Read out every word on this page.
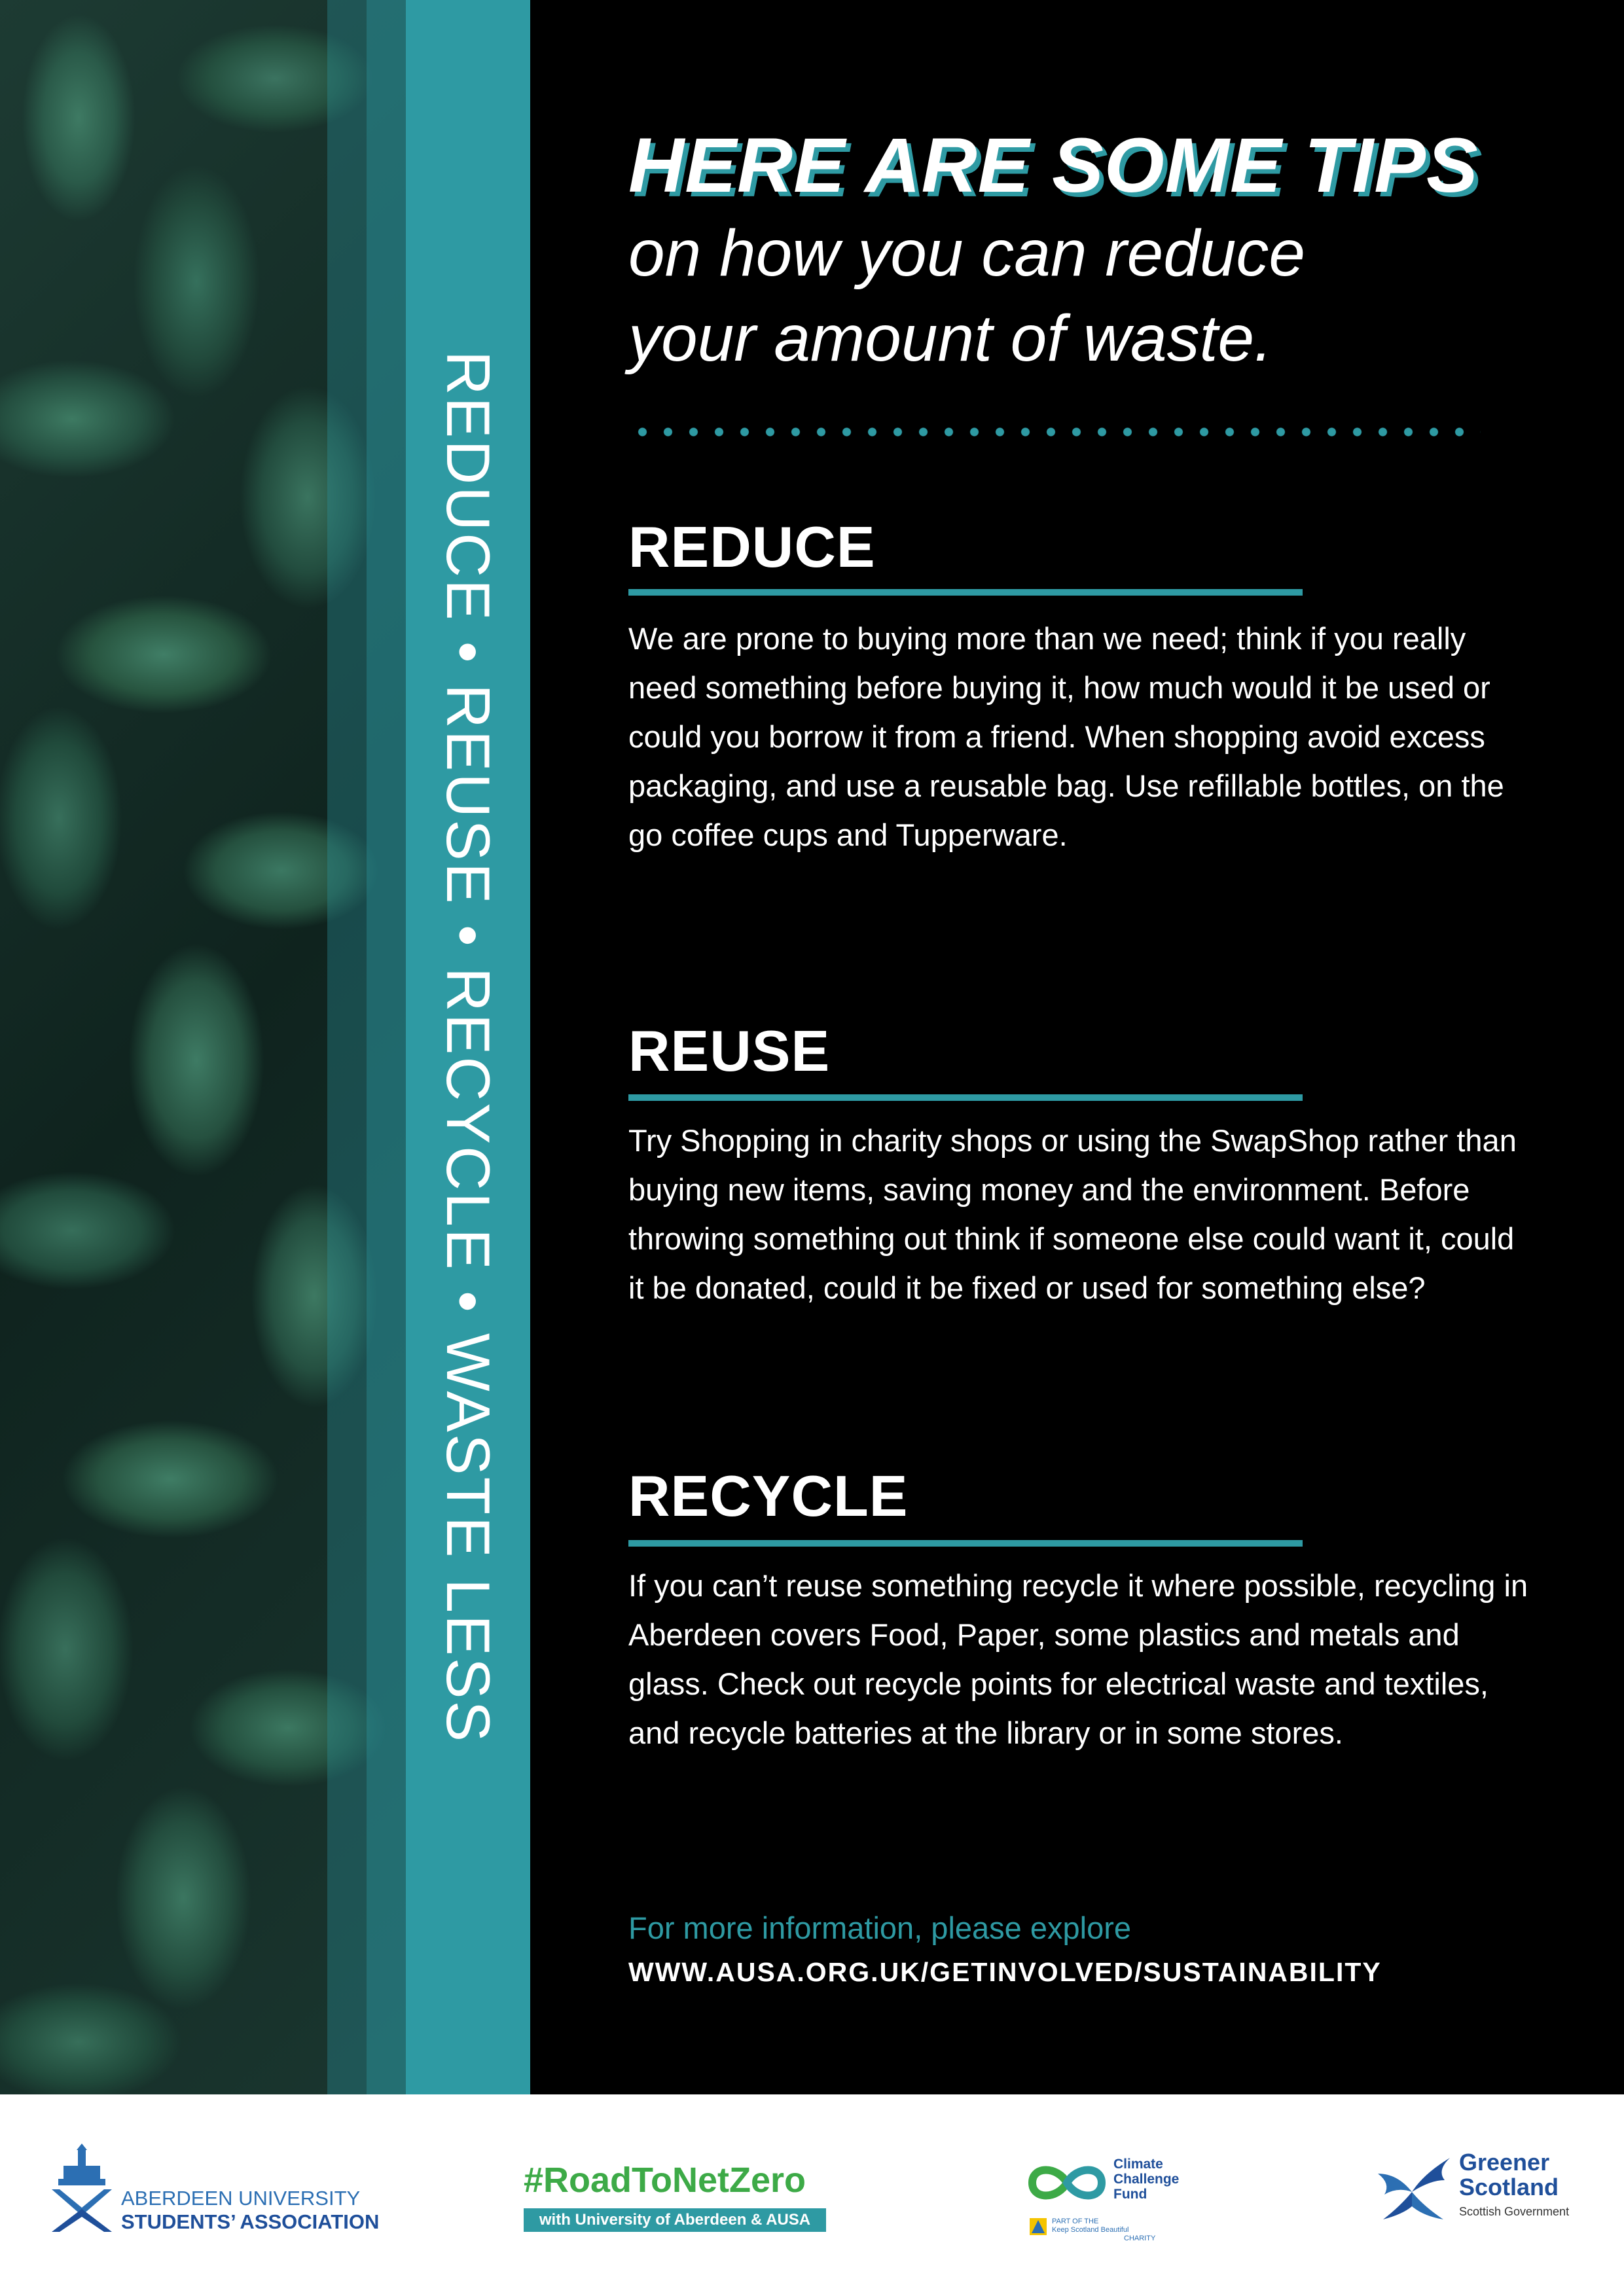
REDUCE • REUSE • RECYCLE • WASTE LESS
HERE ARE SOME TIPS
on how you can reduce
your amount of waste.
REDUCE
We are prone to buying more than we need; think if you really need something before buying it, how much would it be used or could you borrow it from a friend. When shopping avoid excess packaging, and use a reusable bag. Use refillable bottles, on the go coffee cups and Tupperware.
REUSE
Try Shopping in charity shops or using the SwapShop rather than buying new items, saving money and the environment. Before throwing something out think if someone else could want it, could it be donated, could it be fixed or used for something else?
RECYCLE
If you can’t reuse something recycle it where possible, recycling in Aberdeen covers Food, Paper, some plastics and metals and glass. Check out recycle points for electrical waste and textiles, and recycle batteries at the library or in some stores.
For more information, please explore
WWW.AUSA.ORG.UK/GETINVOLVED/SUSTAINABILITY
ABERDEEN UNIVERSITY
STUDENTS’ ASSOCIATION
#RoadToNetZero
with University of Aberdeen & AUSA
Climate Challenge Fund
PART OF THE
Keep Scotland Beautiful
CHARITY
Greener Scotland
Scottish Government
